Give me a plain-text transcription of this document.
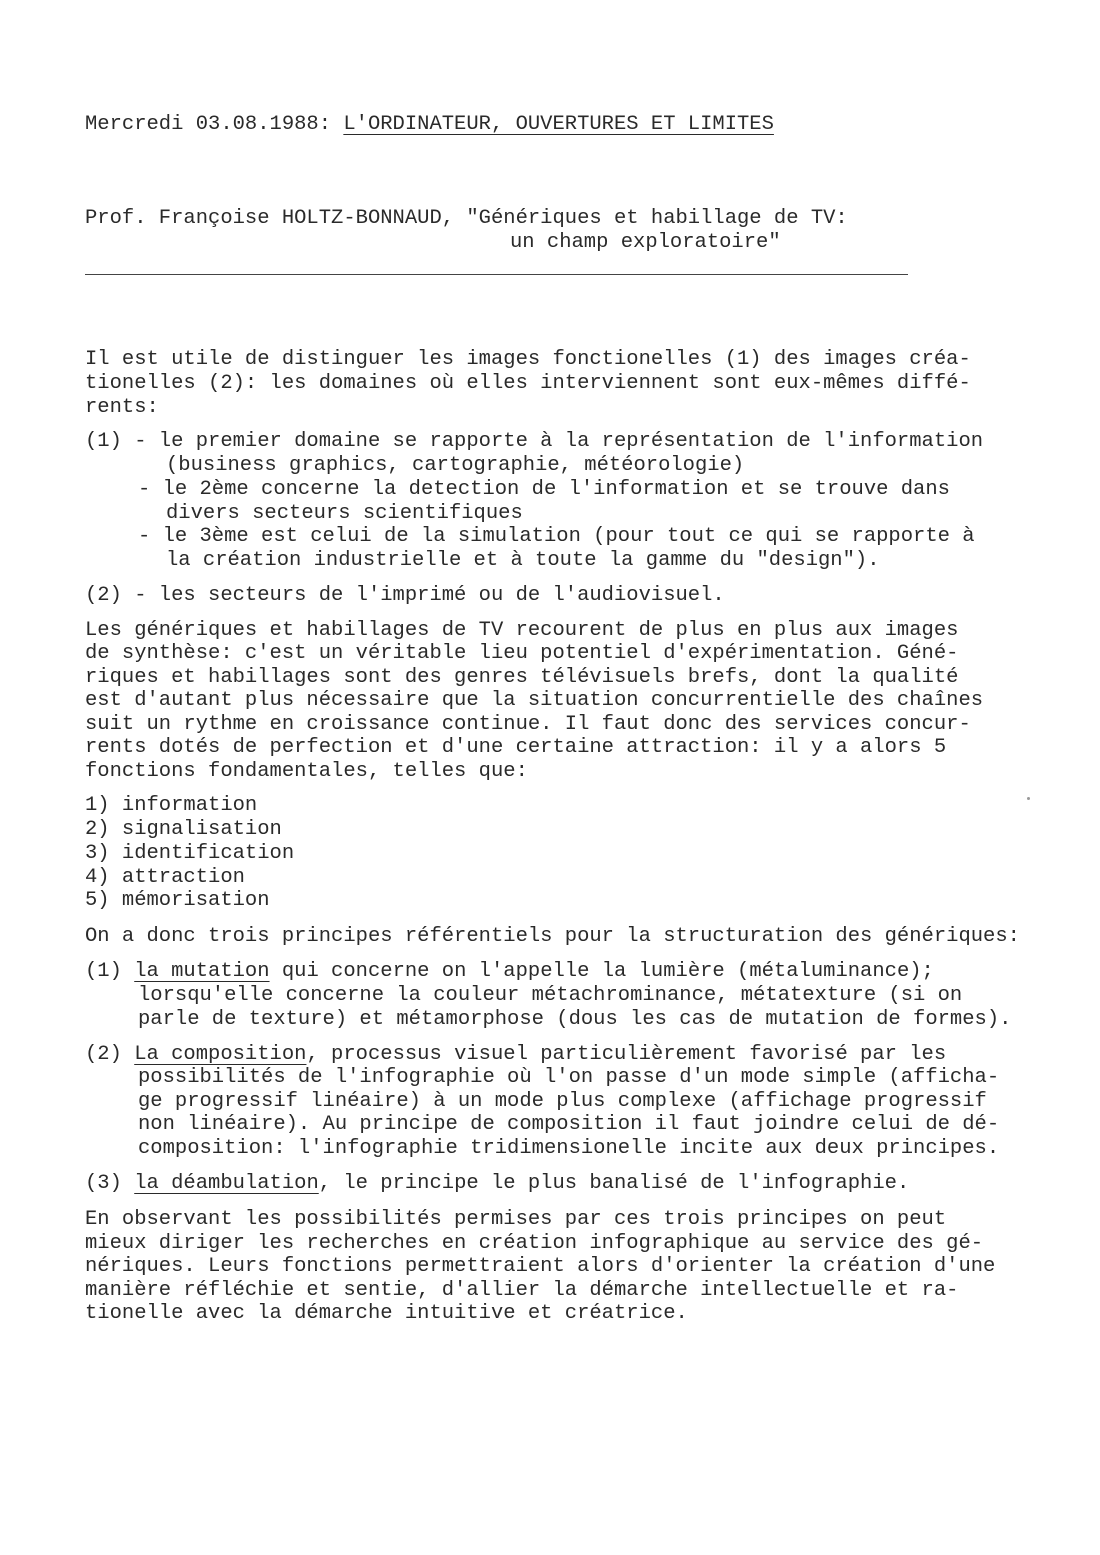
Mercredi 03.08.1988: L'ORDINATEUR, OUVERTURES ET LIMITES
Prof. Françoise HOLTZ-BONNAUD, "Génériques et habillage de TV:
un champ exploratoire"
Il est utile de distinguer les images fonctionelles (1) des images créa-
tionelles (2): les domaines où elles interviennent sont eux-mêmes diffé-
rents:
(1) - le premier domaine se rapporte à la représentation de l'information
(business graphics, cartographie, météorologie)
- le 2ème concerne la detection de l'information et se trouve dans
divers secteurs scientifiques
- le 3ème est celui de la simulation (pour tout ce qui se rapporte à
la création industrielle et à toute la gamme du "design").
(2) - les secteurs de l'imprimé ou de l'audiovisuel.
Les génériques et habillages de TV recourent de plus en plus aux images
de synthèse: c'est un véritable lieu potentiel d'expérimentation. Géné-
riques et habillages sont des genres télévisuels brefs, dont la qualité
est d'autant plus nécessaire que la situation concurrentielle des chaînes
suit un rythme en croissance continue. Il faut donc des services concur-
rents dotés de perfection et d'une certaine attraction: il y a alors 5
fonctions fondamentales, telles que:
1) information
2) signalisation
3) identification
4) attraction
5) mémorisation
On a donc trois principes référentiels pour la structuration des génériques:
(1) la mutation qui concerne on l'appelle la lumière (métaluminance);
lorsqu'elle concerne la couleur métachrominance, métatexture (si on
parle de texture) et métamorphose (dous les cas de mutation de formes).
(2) La composition, processus visuel particulièrement favorisé par les
possibilités de l'infographie où l'on passe d'un mode simple (afficha-
ge progressif linéaire) à un mode plus complexe (affichage progressif
non linéaire). Au principe de composition il faut joindre celui de dé-
composition: l'infographie tridimensionelle incite aux deux principes.
(3) la déambulation, le principe le plus banalisé de l'infographie.
En observant les possibilités permises par ces trois principes on peut
mieux diriger les recherches en création infographique au service des gé-
nériques. Leurs fonctions permettraient alors d'orienter la création d'une
manière réfléchie et sentie, d'allier la démarche intellectuelle et ra-
tionelle avec la démarche intuitive et créatrice.
